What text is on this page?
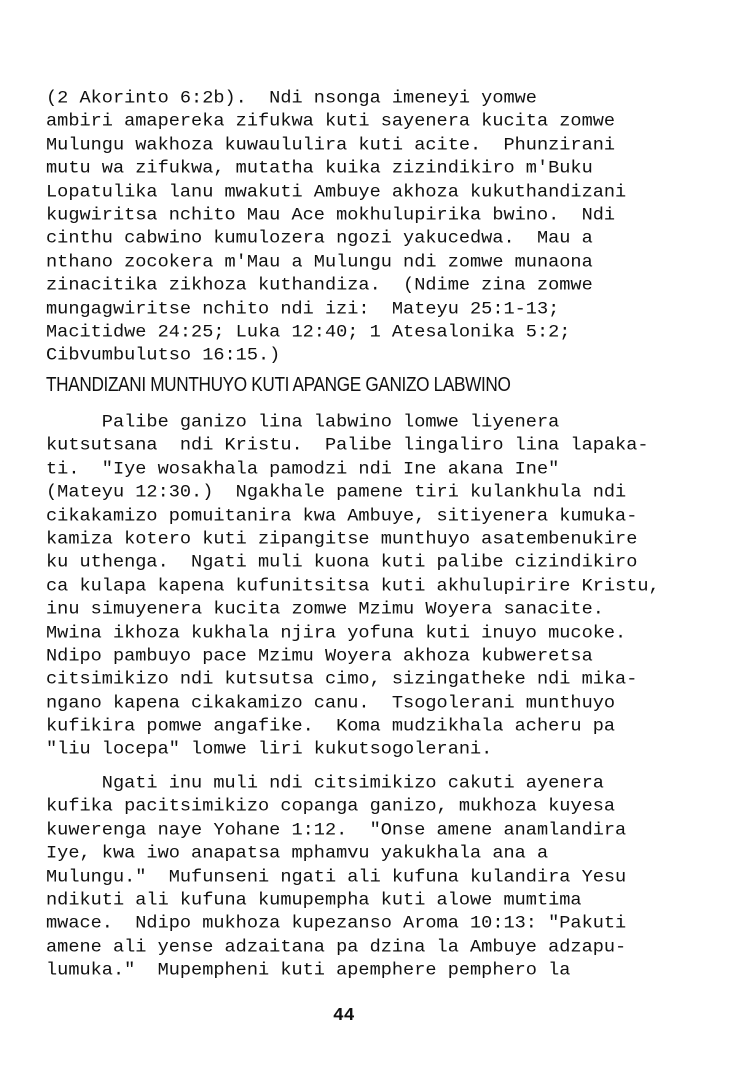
(2 Akorinto 6:2b).  Ndi nsonga imeneyi yomwe
ambiri amapereka zifukwa kuti sayenera kucita zomwe
Mulungu wakhoza kuwaululira kuti acite.  Phunzirani
mutu wa zifukwa, mutatha kuika zizindikiro m'Buku
Lopatulika lanu mwakuti Ambuye akhoza kukuthandizani
kugwiritsa nchito Mau Ace mokhulupirika bwino.  Ndi
cinthu cabwino kumulozera ngozi yakucedwa.  Mau a
nthano zocokera m'Mau a Mulungu ndi zomwe munaona
zinacitika zikhoza kuthandiza.  (Ndime zina zomwe
mungagwiritse nchito ndi izi:  Mateyu 25:1-13;
Macitidwe 24:25; Luka 12:40; 1 Atesalonika 5:2;
Cibvumbulutso 16:15.)
THANDIZANI MUNTHUYO KUTI APANGE GANIZO LABWINO
Palibe ganizo lina labwino lomwe liyenera
kutsutsana  ndi Kristu.  Palibe lingaliro lina lapaka-
ti.  "Iye wosakhala pamodzi ndi Ine akana Ine"
(Mateyu 12:30.)  Ngakhale pamene tiri kulankhula ndi
cikakamizo pomuitanira kwa Ambuye, sitiyenera kumuka-
kamiza kotero kuti zipangitse munthuyo asatembenukire
ku uthenga.  Ngati muli kuona kuti palibe cizindikiro
ca kulapa kapena kufunitsitsa kuti akhulupirire Kristu,
inu simuyenera kucita zomwe Mzimu Woyera sanacite.
Mwina ikhoza kukhala njira yofuna kuti inuyo mucoke.
Ndipo pambuyo pace Mzimu Woyera akhoza kubweretsa
citsimikizo ndi kutsutsa cimo, sizingatheke ndi mika-
ngano kapena cikakamizo canu.  Tsogolerani munthuyo
kufikira pomwe angafike.  Koma mudzikhala acheru pa
"liu locepa" lomwe liri kukutsogolerani.
Ngati inu muli ndi citsimikizo cakuti ayenera
kufika pacitsimikizo copanga ganizo, mukhoza kuyesa
kuwerenga naye Yohane 1:12.  "Onse amene anamlandira
Iye, kwa iwo anapatsa mphamvu yakukhala ana a
Mulungu."  Mufunseni ngati ali kufuna kulandira Yesu
ndikuti ali kufuna kumupempha kuti alowe mumtima
mwace.  Ndipo mukhoza kupezanso Aroma 10:13: "Pakuti
amene ali yense adzaitana pa dzina la Ambuye adzapu-
lumuka."  Mupempheni kuti apemphere pemphero la
44
